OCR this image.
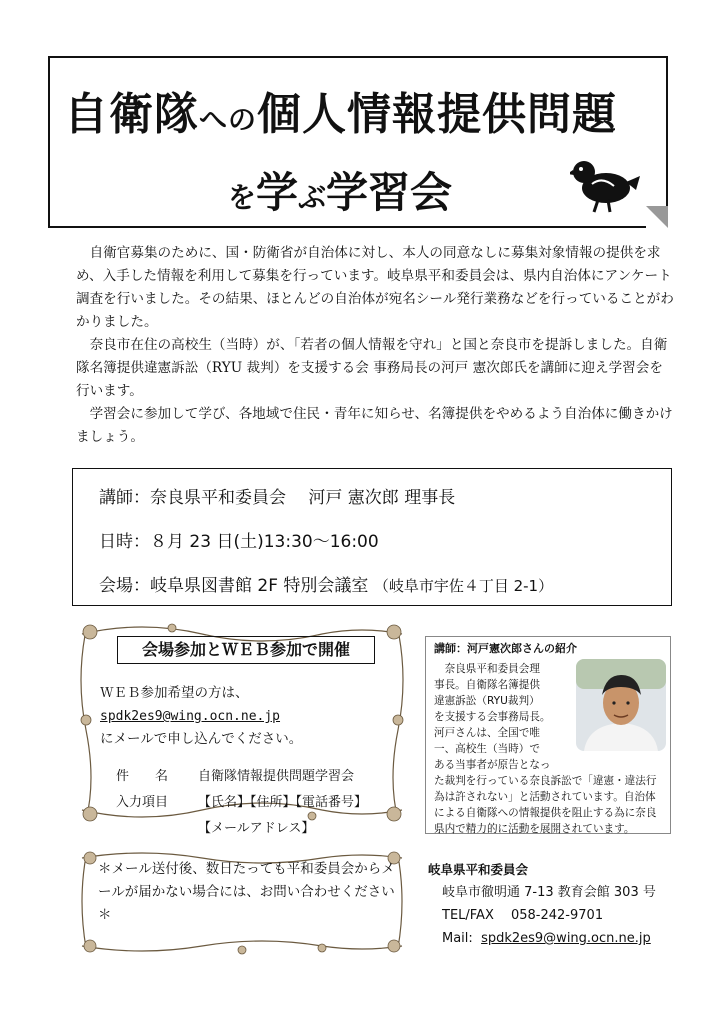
自衛隊への個人情報提供問題
を学ぶ学習会

自衛官募集のために、国・防衛省が自治体に対し、本人の同意なしに募集対象情報の提供を求め、入手した情報を利用して募集を行っています。岐阜県平和委員会は、県内自治体にアンケート調査を行いました。その結果、ほとんどの自治体が宛名シール発行業務などを行っていることがわかりました。

奈良市在住の高校生（当時）が、「若者の個人情報を守れ」と国と奈良市を提訴しました。自衛隊名簿提供違憲訴訟（RYU 裁判）を支援する会 事務局長の河戸 憲次郎氏を講師に迎え学習会を行います。

学習会に参加して学び、各地域で住民・青年に知らせ、名簿提供をやめるよう自治体に働きかけましょう。

講師：奈良県平和委員会　 河戸 憲次郎 理事長
日時：８月 23 日(土)13:30～16:00
会場：岐阜県図書館 2F 特別会議室 （岐阜市宇佐４丁目 2-1）
会場参加とＷＥＢ参加で開催
ＷＥＢ参加希望の方は、
spdk2es9@wing.ocn.ne.jp
にメールで申し込んでください。
件　　名 自衛隊情報提供問題学習会
入力項目 【氏名】【住所】【電話番号】
【メールアドレス】
講師：河戸憲次郎さんの紹介
　奈良県平和委員会理
事長。自衛隊名簿提供
違憲訴訟（RYU裁判）
を支援する会事務局長。
河戸さんは、全国で唯
一、高校生（当時）で
ある当事者が原告となっ
た裁判を行っている奈良訴訟で「違憲・違法行
為は許されない」と活動されています。自治体
による自衛隊への情報提供を阻止する為に奈良
県内で精力的に活動を展開されています。
＊メール送付後、数日たっても平和委員会からメールが届かない場合には、お問い合わせください ＊
岐阜県平和委員会
岐阜市徹明通 7-13 教育会館 303 号
TEL/FAX　 058-242-9701
Mail: spdk2es9@wing.ocn.ne.jp
